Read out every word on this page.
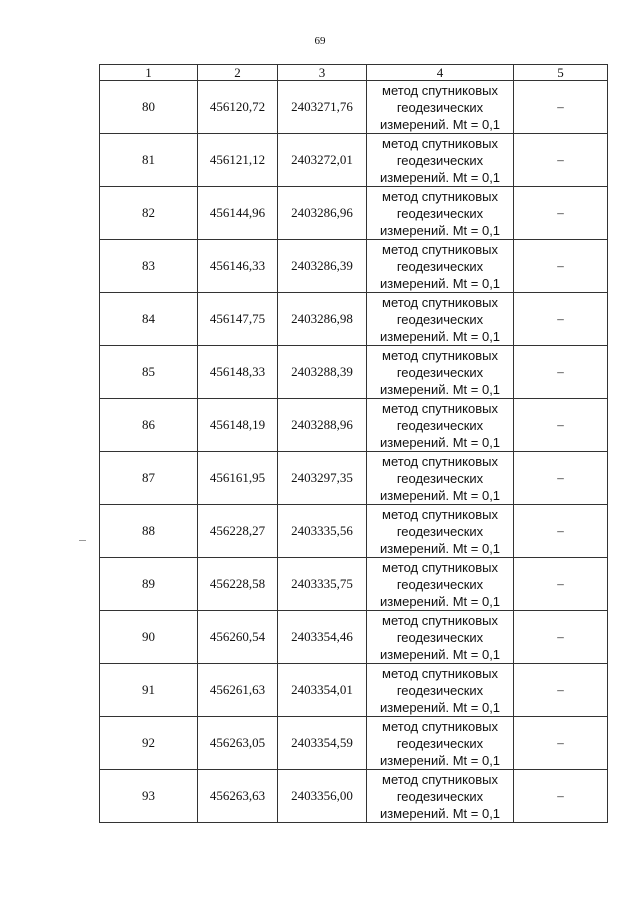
69
1	2	3	4	5
80	456120,72	2403271,76	метод спутниковых
геодезических
измерений. Mt = 0,1	–
81	456121,12	2403272,01	метод спутниковых
геодезических
измерений. Mt = 0,1	–
82	456144,96	2403286,96	метод спутниковых
геодезических
измерений. Mt = 0,1	–
83	456146,33	2403286,39	метод спутниковых
геодезических
измерений. Mt = 0,1	–
84	456147,75	2403286,98	метод спутниковых
геодезических
измерений. Mt = 0,1	–
85	456148,33	2403288,39	метод спутниковых
геодезических
измерений. Mt = 0,1	–
86	456148,19	2403288,96	метод спутниковых
геодезических
измерений. Mt = 0,1	–
87	456161,95	2403297,35	метод спутниковых
геодезических
измерений. Mt = 0,1	–
88	456228,27	2403335,56	метод спутниковых
геодезических
измерений. Mt = 0,1	–
89	456228,58	2403335,75	метод спутниковых
геодезических
измерений. Mt = 0,1	–
90	456260,54	2403354,46	метод спутниковых
геодезических
измерений. Mt = 0,1	–
91	456261,63	2403354,01	метод спутниковых
геодезических
измерений. Mt = 0,1	–
92	456263,05	2403354,59	метод спутниковых
геодезических
измерений. Mt = 0,1	–
93	456263,63	2403356,00	метод спутниковых
геодезических
измерений. Mt = 0,1	–
